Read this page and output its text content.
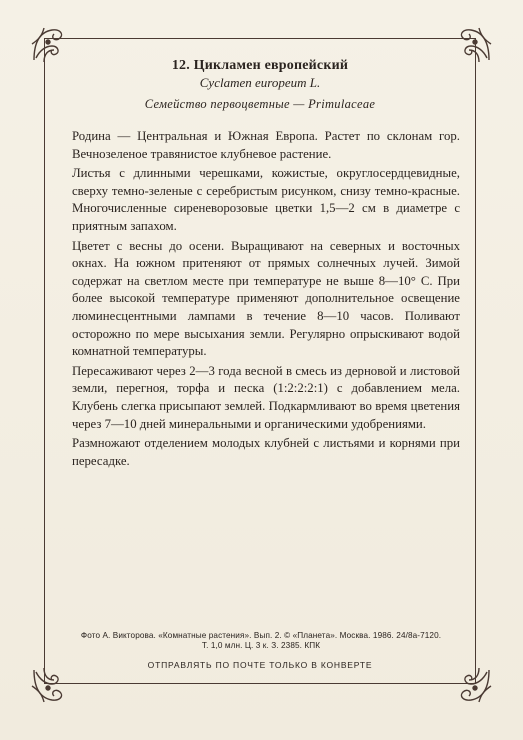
12. Цикламен европейский
Cyclamen europeum L.
Семейство первоцветные — Primulaceae

Родина — Центральная и Южная Европа. Растет по склонам гор. Вечнозеленое травянистое клубневое растение.

Листья с длинными черешками, кожистые, округлосердцевидные, сверху темно-зеленые с серебристым рисунком, снизу темно-красные. Многочисленные сиреневорозовые цветки 1,5—2 см в диаметре с приятным запахом.

Цветет с весны до осени. Выращивают на северных и восточных окнах. На южном притеняют от прямых солнечных лучей. Зимой содержат на светлом месте при температуре не выше 8—10° С. При более высокой температуре применяют дополнительное освещение люминесцентными лампами в течение 8—10 часов. Поливают осторожно по мере высыхания земли. Регулярно опрыскивают водой комнатной температуры.

Пересаживают через 2—3 года весной в смесь из дерновой и листовой земли, перегноя, торфа и песка (1:2:2:2:1) с добавлением мела. Клубень слегка присыпают землей. Подкармливают во время цветения через 7—10 дней минеральными и органическими удобрениями.

Размножают отделением молодых клубней с листьями и корнями при пересадке.

Фото А. Викторова. «Комнатные растения». Вып. 2. © «Планета». Москва. 1986. 24/8а-7120.
Т. 1,0 млн. Ц. 3 к. З. 2385. КПК
ОТПРАВЛЯТЬ ПО ПОЧТЕ ТОЛЬКО В КОНВЕРТЕ
